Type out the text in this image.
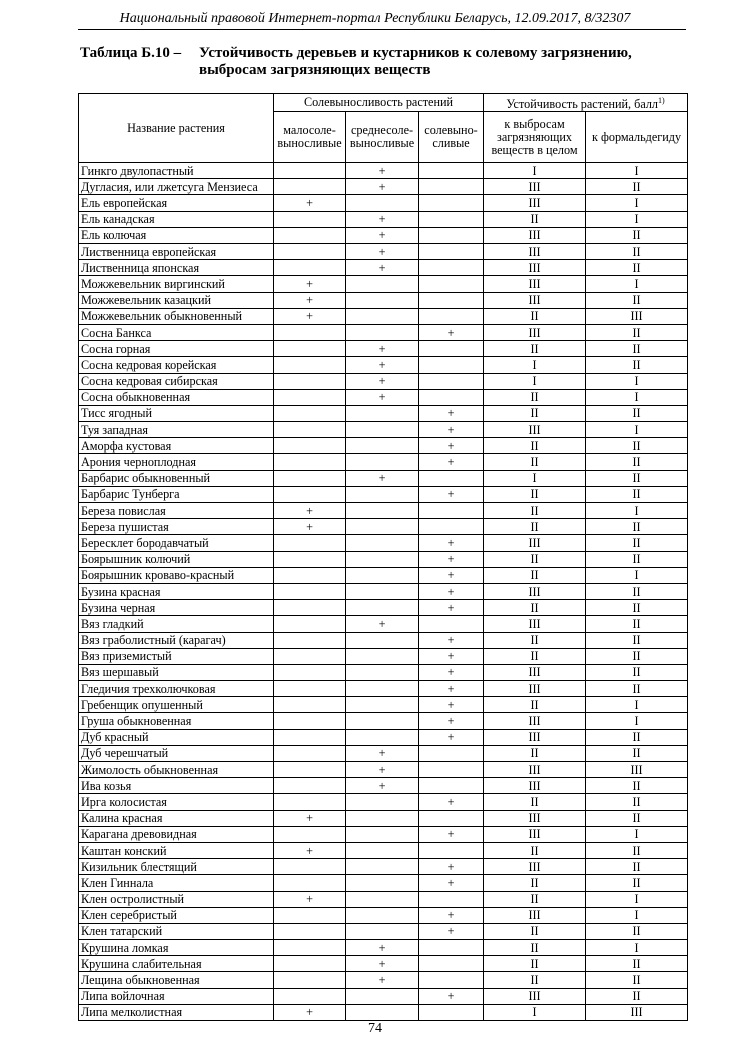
Национальный правовой Интернет-портал Республики Беларусь, 12.09.2017, 8/32307
Таблица Б.10 – Устойчивость деревьев и кустарников к солевому загрязнению,
выбросам загрязняющих веществ
Название растения	Солевыносливость растений			Устойчивость растений, балл$^{1)}$
	малосоле-выносливые	среднесоле-выносливые	солевыно-сливые	к выбросам загрязняющих веществ в целом	к формальдегиду
Гинкго двулопастный		+		I	I
Дугласия, или лжетсуга Мензиеса		+		III	II
Ель европейская	+			III	I
Ель канадская		+		II	I
Ель колючая		+		III	II
Лиственница европейская		+		III	II
Лиственница японская		+		III	II
Можжевельник виргинский	+			III	I
Можжевельник казацкий	+			III	II
Можжевельник обыкновенный	+			II	III
Сосна Банкса			+	III	II
Сосна горная		+		II	II
Сосна кедровая корейская		+		I	II
Сосна кедровая сибирская		+		I	I
Сосна обыкновенная		+		II	I
Тисс ягодный			+	II	II
Туя западная			+	III	I
Аморфа кустовая			+	II	II
Арония черноплодная			+	II	II
Барбарис обыкновенный		+		I	II
Барбарис Тунберга			+	II	II
Береза повислая	+			II	I
Береза пушистая	+			II	II
Бересклет бородавчатый			+	III	II
Боярышник колючий			+	II	II
Боярышник кроваво-красный			+	II	I
Бузина красная			+	III	II
Бузина черная			+	II	II
Вяз гладкий		+		III	II
Вяз граболистный (карагач)			+	II	II
Вяз приземистый			+	II	II
Вяз шершавый			+	III	II
Гледичия трехколючковая			+	III	II
Гребенщик опушенный			+	II	I
Груша обыкновенная			+	III	I
Дуб красный			+	III	II
Дуб черешчатый		+		II	II
Жимолость обыкновенная		+		III	III
Ива козья		+		III	II
Ирга колосистая			+	II	II
Калина красная	+			III	II
Карагана древовидная			+	III	I
Каштан конский	+			II	II
Кизильник блестящий			+	III	II
Клен Гиннала			+	II	II
Клен остролистный	+			II	I
Клен серебристый			+	III	I
Клен татарский			+	II	II
Крушина ломкая		+		II	I
Крушина слабительная		+		II	II
Лещина обыкновенная		+		II	II
Липа войлочная			+	III	II
Липа мелколистная	+			I	III
74
